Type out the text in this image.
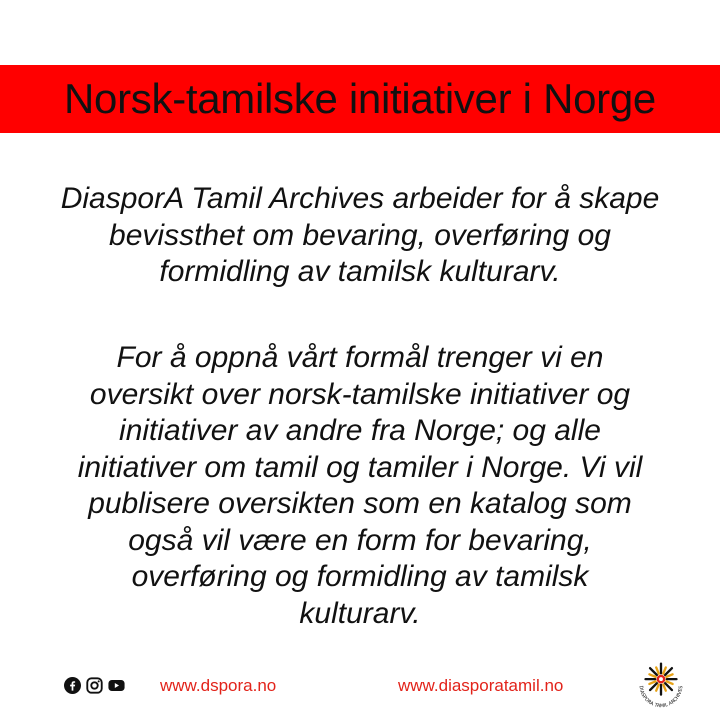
Norsk-tamilske initiativer i Norge
DiasporA Tamil Archives arbeider for å skape
bevissthet om bevaring, overføring og
formidling av tamilsk kulturarv.
For å oppnå vårt formål trenger vi en
oversikt over norsk-tamilske initiativer og
initiativer av andre fra Norge; og alle
initiativer om tamil og tamiler i Norge. Vi vil
publisere oversikten som en katalog som
også vil være en form for bevaring,
overføring og formidling av tamilsk
kulturarv.
www.dspora.no	www.diasporatamil.no	DIASPORA TAMIL ARCHIVES
